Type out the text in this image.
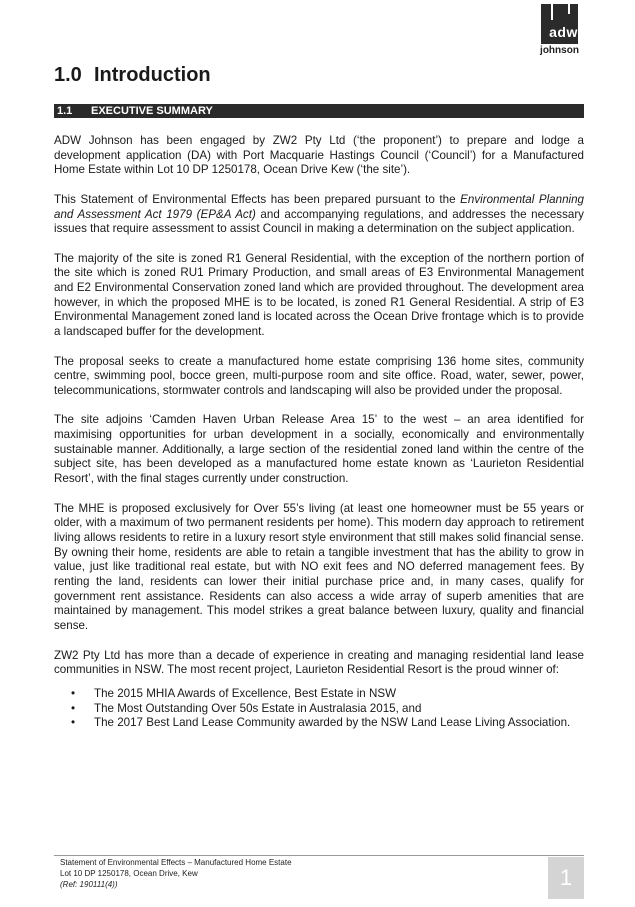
adw
johnson
1.0 Introduction
1.1 EXECUTIVE SUMMARY

ADW Johnson has been engaged by ZW2 Pty Ltd (‘the proponent’) to prepare and lodge a development application (DA) with Port Macquarie Hastings Council (‘Council’) for a Manufactured Home Estate within Lot 10 DP 1250178, Ocean Drive Kew (‘the site’).

This Statement of Environmental Effects has been prepared pursuant to the Environmental Planning and Assessment Act 1979 (EP&A Act) and accompanying regulations, and addresses the necessary issues that require assessment to assist Council in making a determination on the subject application.

The majority of the site is zoned R1 General Residential, with the exception of the northern portion of the site which is zoned RU1 Primary Production, and small areas of E3 Environmental Management and E2 Environmental Conservation zoned land which are provided throughout. The development area however, in which the proposed MHE is to be located, is zoned R1 General Residential. A strip of E3 Environmental Management zoned land is located across the Ocean Drive frontage which is to provide a landscaped buffer for the development.

The proposal seeks to create a manufactured home estate comprising 136 home sites, community centre, swimming pool, bocce green, multi-purpose room and site office. Road, water, sewer, power, telecommunications, stormwater controls and landscaping will also be provided under the proposal.

The site adjoins ‘Camden Haven Urban Release Area 15’ to the west – an area identified for maximising opportunities for urban development in a socially, economically and environmentally sustainable manner. Additionally, a large section of the residential zoned land within the centre of the subject site, has been developed as a manufactured home estate known as ‘Laurieton Residential Resort’, with the final stages currently under construction.

The MHE is proposed exclusively for Over 55’s living (at least one homeowner must be 55 years or older, with a maximum of two permanent residents per home). This modern day approach to retirement living allows residents to retire in a luxury resort style environment that still makes solid financial sense. By owning their home, residents are able to retain a tangible investment that has the ability to grow in value, just like traditional real estate, but with NO exit fees and NO deferred management fees. By renting the land, residents can lower their initial purchase price and, in many cases, qualify for government rent assistance. Residents can also access a wide array of superb amenities that are maintained by management. This model strikes a great balance between luxury, quality and financial sense.

ZW2 Pty Ltd has more than a decade of experience in creating and managing residential land lease communities in NSW. The most recent project, Laurieton Residential Resort is the proud winner of:

• The 2015 MHIA Awards of Excellence, Best Estate in NSW
• The Most Outstanding Over 50s Estate in Australasia 2015, and
• The 2017 Best Land Lease Community awarded by the NSW Land Lease Living Association.
Statement of Environmental Effects – Manufactured Home Estate
Lot 10 DP 1250178, Ocean Drive, Kew
(Ref: 190111(4))	1
